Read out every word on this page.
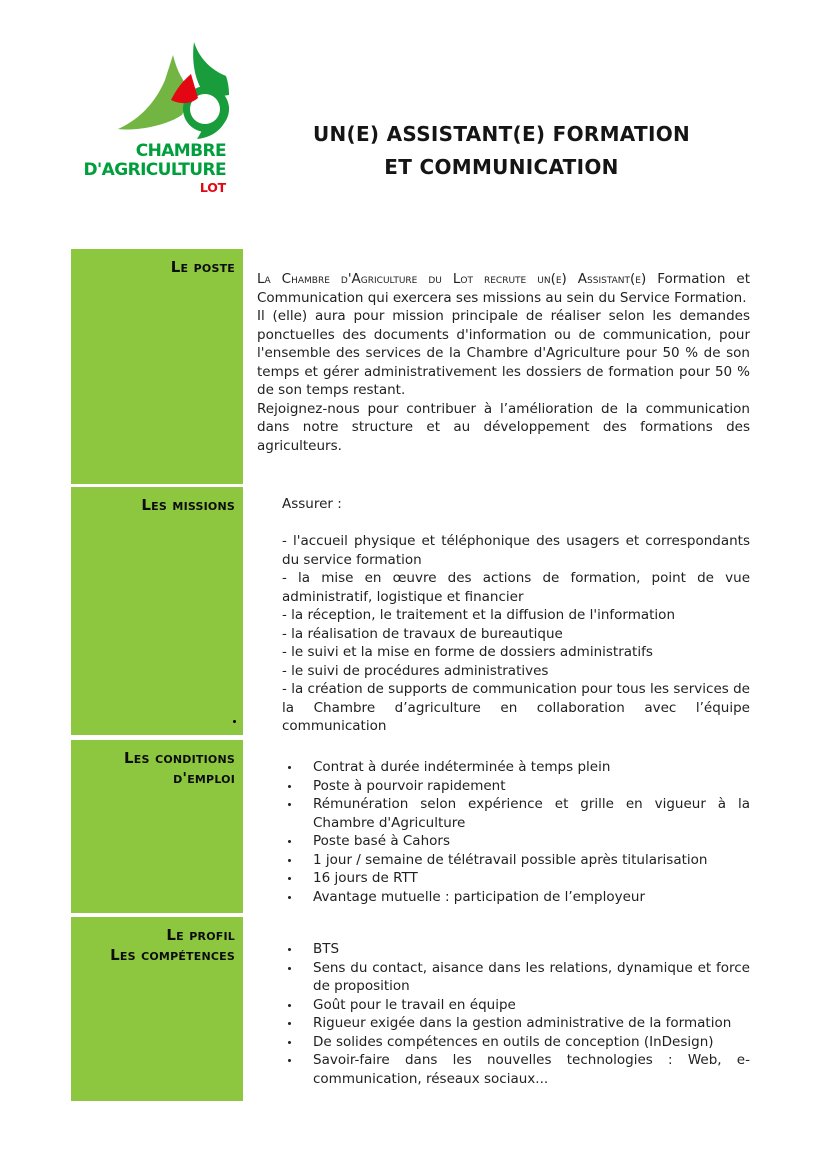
CHAMBRE
D'AGRICULTURE
LOT
UN(E) ASSISTANT(E) FORMATION
ET COMMUNICATION
Le poste
Les missions
Les conditions
d'emploi
Le profil
Les compétences

La Chambre d'Agriculture du Lot recrute un(e) Assistant(e) Formation et Communication qui exercera ses missions au sein du Service Formation.

Il (elle) aura pour mission principale de réaliser selon les demandes ponctuelles des documents d'information ou de communication, pour l'ensemble des services de la Chambre d'Agriculture pour 50 % de son temps et gérer administrativement les dossiers de formation pour 50 % de son temps restant.

Rejoignez-nous pour contribuer à l’amélioration de la communication dans notre structure et au développement des formations des agriculteurs.

Assurer :

- l'accueil physique et téléphonique des usagers et correspondants du service formation

- la mise en œuvre des actions de formation, point de vue administratif, logistique et financier

- la réception, le traitement et la diffusion de l'information

- la réalisation de travaux de bureautique

- le suivi et la mise en forme de dossiers administratifs

- le suivi de procédures administratives

- la création de supports de communication pour tous les services de la Chambre d’agriculture en collaboration avec l’équipe communication

Contrat à durée indéterminée à temps plein
Poste à pourvoir rapidement
Rémunération selon expérience et grille en vigueur à la Chambre d'Agriculture
Poste basé à Cahors
1 jour / semaine de télétravail possible après titularisation
16 jours de RTT
Avantage mutuelle : participation de l’employeur
BTS
Sens du contact, aisance dans les relations, dynamique et force de proposition
Goût pour le travail en équipe
Rigueur exigée dans la gestion administrative de la formation
De solides compétences en outils de conception (InDesign)
Savoir-faire dans les nouvelles technologies : Web, e-communication, réseaux sociaux...
